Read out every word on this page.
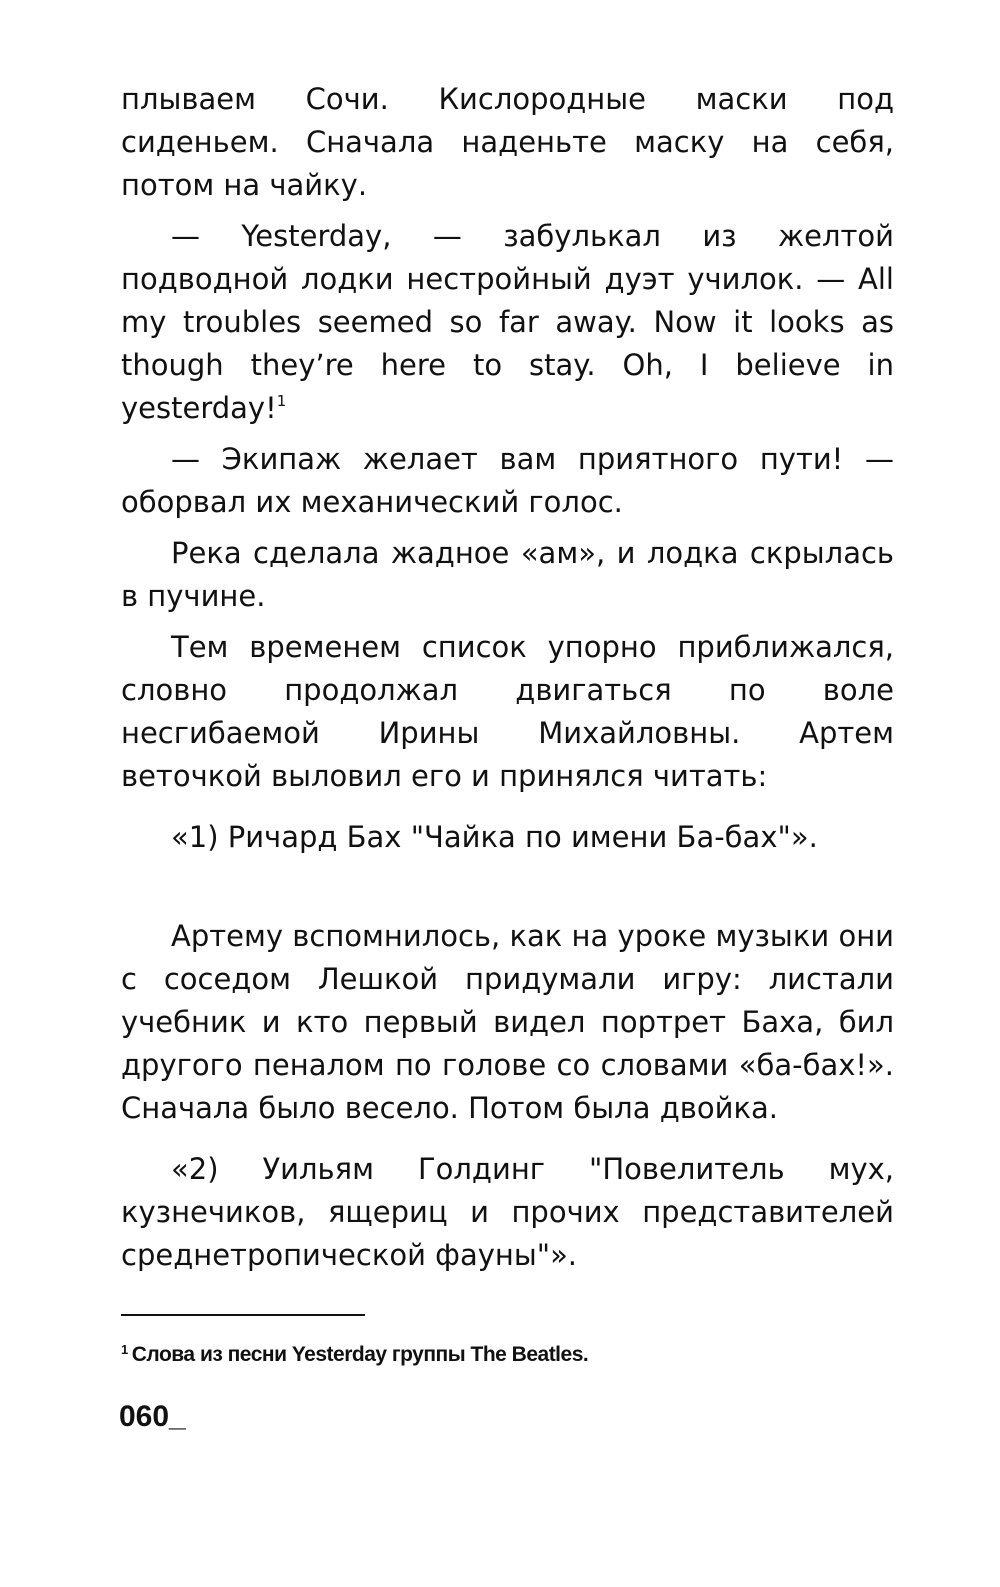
плываем Сочи. Кислородные маски под сиденьем. Сначала наденьте маску на себя, потом на чайку.

— Yesterday, — забулькал из желтой подводной лодки нестройный дуэт училок. — All my troubles seemed so far away. Now it looks as though they’re here to stay. Oh, I believe in yesterday!$^1$

— Экипаж желает вам приятного пути! — оборвал их механический голос.

Река сделала жадное «ам», и лодка скрылась в пучине.

Тем временем список упорно приближался, словно продолжал двигаться по воле несгибаемой Ирины Михайловны. Артем веточкой выловил его и принялся читать:

«1) Ричард Бах "Чайка по имени Ба-бах"».

Артему вспомнилось, как на уроке музыки они с соседом Лешкой придумали игру: листали учебник и кто первый видел портрет Баха, бил другого пеналом по голове со словами «ба-бах!». Сначала было весело. Потом была двойка.

«2) Уильям Голдинг "Повелитель мух, кузнечиков, ящериц и прочих представителей среднетропической фауны"».

$^1$ Слова из песни Yesterday группы The Beatles.
060_
